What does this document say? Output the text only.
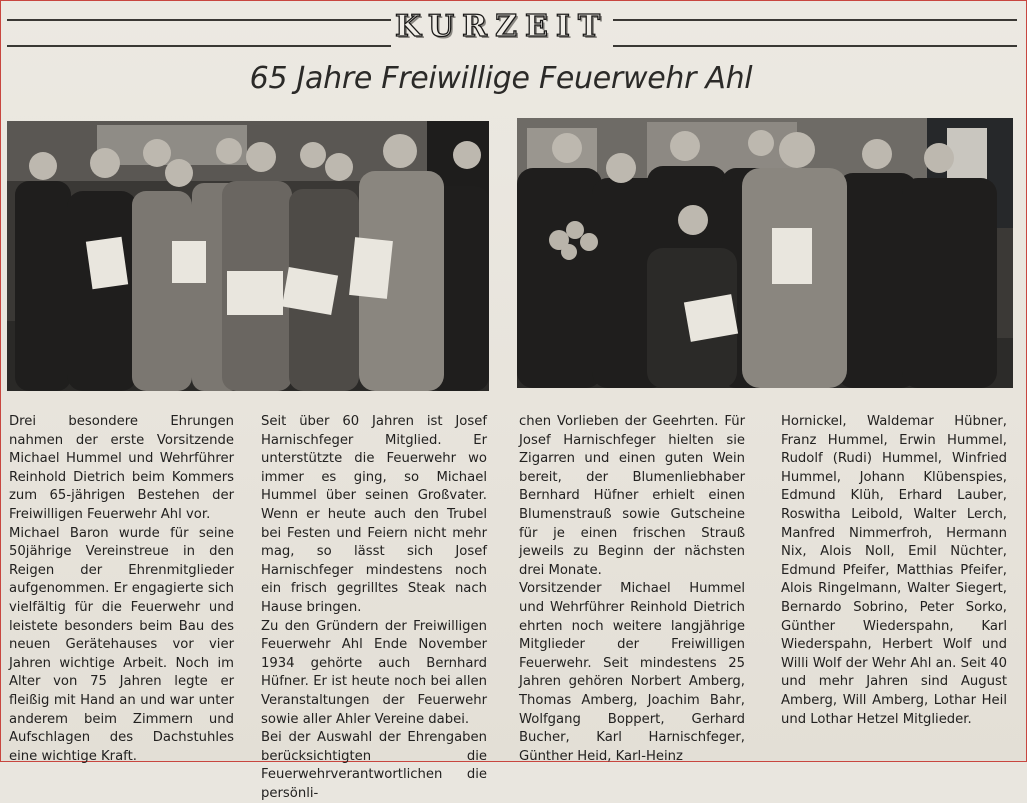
KURZEIT
65 Jahre Freiwillige Feuerwehr Ahl

Drei besondere Ehrungen nahmen der erste Vorsitzende Michael Hummel und Wehrführer Reinhold Dietrich beim Kommers zum 65-jährigen Bestehen der Freiwilligen Feuerwehr Ahl vor.

Michael Baron wurde für seine 50jährige Vereinstreue in den Reigen der Ehrenmitglieder aufgenommen. Er engagierte sich vielfältig für die Feuerwehr und leistete besonders beim Bau des neuen Gerätehauses vor vier Jahren wichtige Arbeit. Noch im Alter von 75 Jahren legte er fleißig mit Hand an und war unter anderem beim Zimmern und Aufschlagen des Dachstuhles eine wichtige Kraft.

Seit über 60 Jahren ist Josef Harnischfeger Mitglied. Er unterstützte die Feuerwehr wo immer es ging, so Michael Hummel über seinen Großvater. Wenn er heute auch den Trubel bei Festen und Feiern nicht mehr mag, so lässt sich Josef Harnischfeger mindestens noch ein frisch gegrilltes Steak nach Hause bringen.

Zu den Gründern der Freiwilligen Feuerwehr Ahl Ende November 1934 gehörte auch Bernhard Hüfner. Er ist heute noch bei allen Veranstaltungen der Feuerwehr sowie aller Ahler Vereine dabei.

Bei der Auswahl der Ehrengaben berücksichtigten die Feuerwehrverantwortlichen die persönli-

chen Vorlieben der Geehrten. Für Josef Harnischfeger hielten sie Zigarren und einen guten Wein bereit, der Blumenliebhaber Bernhard Hüfner erhielt einen Blumenstrauß sowie Gutscheine für je einen frischen Strauß jeweils zu Beginn der nächsten drei Monate.

Vorsitzender Michael Hummel und Wehrführer Reinhold Dietrich ehrten noch weitere langjährige Mitglieder der Freiwilligen Feuerwehr. Seit mindestens 25 Jahren gehören Norbert Amberg, Thomas Amberg, Joachim Bahr, Wolfgang Boppert, Gerhard Bucher, Karl Harnischfeger, Günther Heid, Karl-Heinz

Hornickel, Waldemar Hübner, Franz Hummel, Erwin Hummel, Rudolf (Rudi) Hummel, Winfried Hummel, Johann Klübenspies, Edmund Klüh, Erhard Lauber, Roswitha Leibold, Walter Lerch, Manfred Nimmerfroh, Hermann Nix, Alois Noll, Emil Nüchter, Edmund Pfeifer, Matthias Pfeifer, Alois Ringelmann, Walter Siegert, Bernardo Sobrino, Peter Sorko, Günther Wiederspahn, Karl Wiederspahn, Herbert Wolf und Willi Wolf der Wehr Ahl an. Seit 40 und mehr Jahren sind August Amberg, Will Amberg, Lothar Heil und Lothar Hetzel Mitglieder.
